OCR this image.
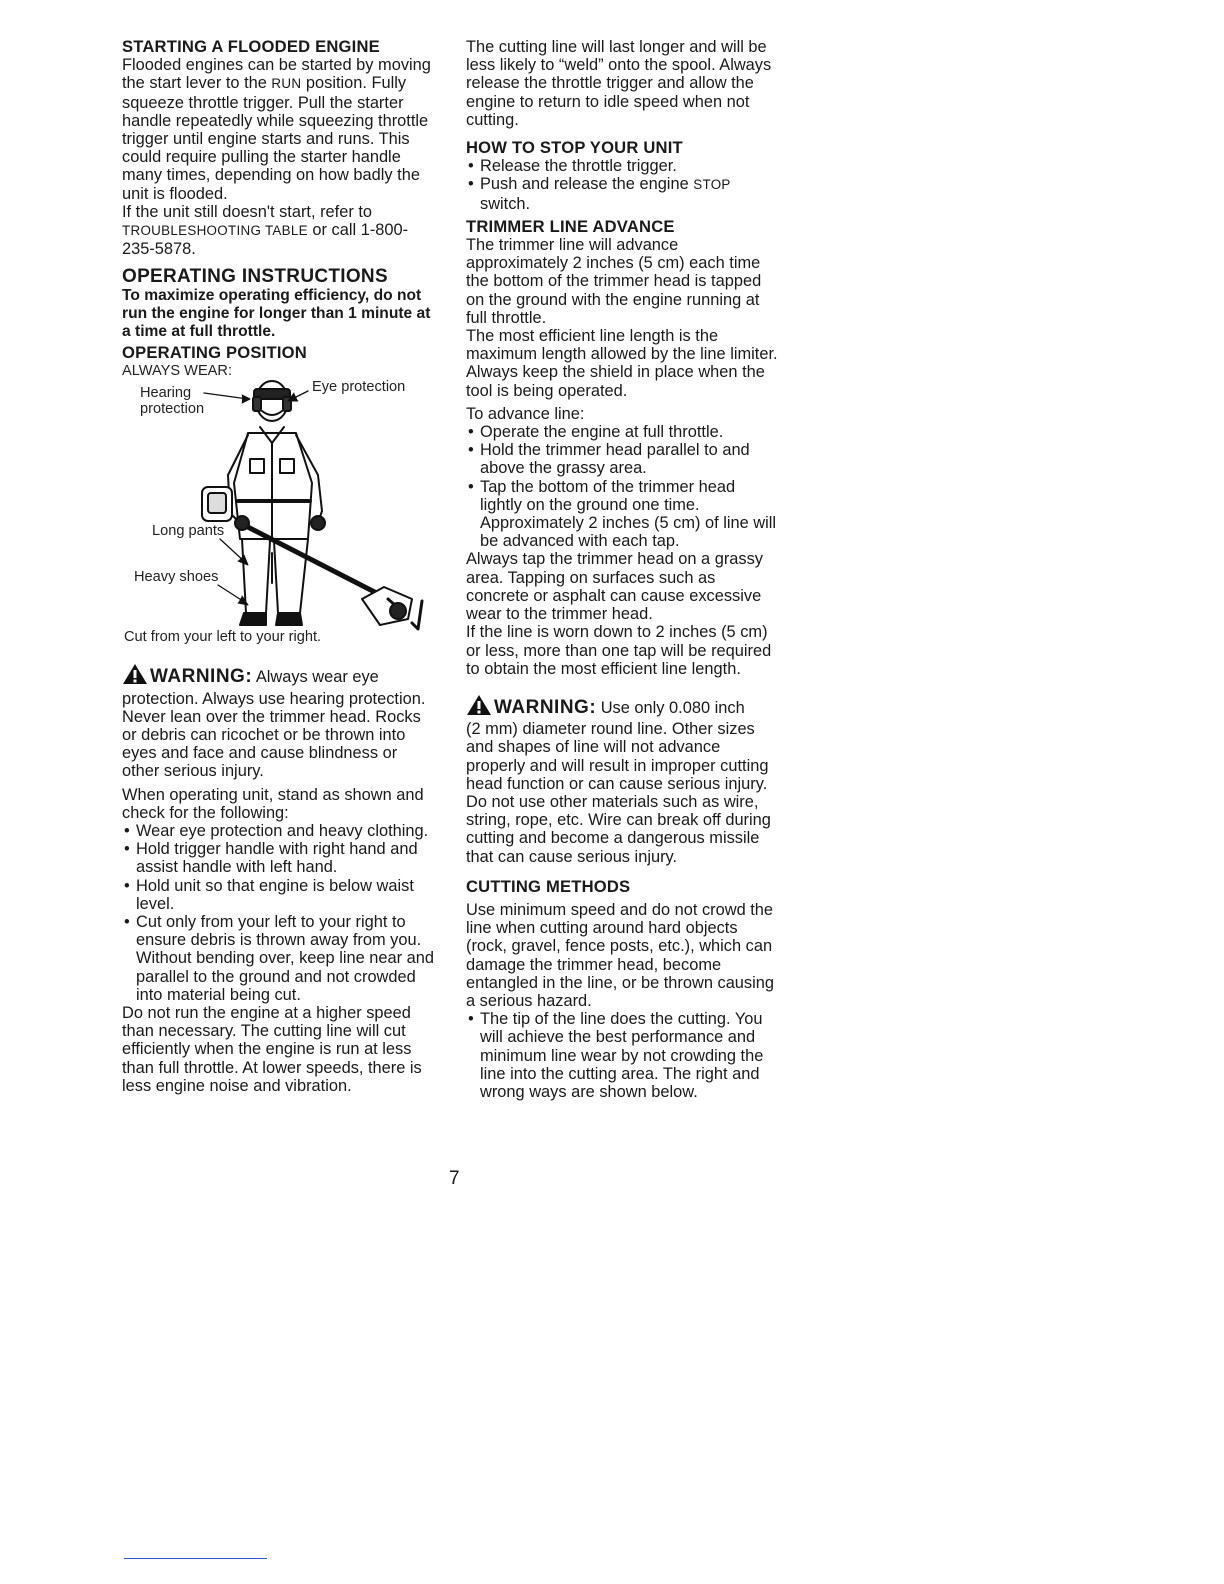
STARTING A FLOODED ENGINE

Flooded engines can be started by moving the start lever to the RUN position. Fully squeeze throttle trigger. Pull the starter handle repeatedly while squeezing throttle trigger until engine starts and runs. This could require pulling the starter handle many times, depending on how badly the unit is flooded.

If the unit still doesn't start, refer to TROUBLESHOOTING TABLE or call 1-800-235-5878.

OPERATING INSTRUCTIONS

To maximize operating efficiency, do not run the engine for longer than 1 minute at a time at full throttle.

OPERATING POSITION

ALWAYS WEAR:
Hearing
protection
Eye protection
Long pants
Heavy shoes
Cut from your left to your right.

WARNING: Always wear eye

protection. Always use hearing protection. Never lean over the trimmer head. Rocks or debris can ricochet or be thrown into eyes and face and cause blindness or other serious injury.

When operating unit, stand as shown and check for the following:

• Wear eye protection and heavy clothing.
• Hold trigger handle with right hand and assist handle with left hand.
• Hold unit so that engine is below waist level.
• Cut only from your left to your right to ensure debris is thrown away from you. Without bending over, keep line near and parallel to the ground and not crowded into material being cut.

Do not run the engine at a higher speed than necessary. The cutting line will cut efficiently when the engine is run at less than full throttle. At lower speeds, there is less engine noise and vibration.

The cutting line will last longer and will be less likely to “weld” onto the spool. Always release the throttle trigger and allow the engine to return to idle speed when not cutting.

HOW TO STOP YOUR UNIT

• Release the throttle trigger.
• Push and release the engine STOP switch.

TRIMMER LINE ADVANCE

The trimmer line will advance approximately 2 inches (5 cm) each time the bottom of the trimmer head is tapped on the ground with the engine running at full throttle.

The most efficient line length is the maximum length allowed by the line limiter. Always keep the shield in place when the tool is being operated.

To advance line:

• Operate the engine at full throttle.
• Hold the trimmer head parallel to and above the grassy area.
• Tap the bottom of the trimmer head lightly on the ground one time. Approximately 2 inches (5 cm) of line will be advanced with each tap.

Always tap the trimmer head on a grassy area. Tapping on surfaces such as concrete or asphalt can cause excessive wear to the trimmer head.

If the line is worn down to 2 inches (5 cm) or less, more than one tap will be required to obtain the most efficient line length.

WARNING: Use only 0.080 inch

(2 mm) diameter round line. Other sizes and shapes of line will not advance properly and will result in improper cutting head function or can cause serious injury. Do not use other materials such as wire, string, rope, etc. Wire can break off during cutting and become a dangerous missile that can cause serious injury.

CUTTING METHODS

Use minimum speed and do not crowd the line when cutting around hard objects (rock, gravel, fence posts, etc.), which can damage the trimmer head, become entangled in the line, or be thrown causing a serious hazard.

• The tip of the line does the cutting. You will achieve the best performance and minimum line wear by not crowding the line into the cutting area. The right and wrong ways are shown below.
7
